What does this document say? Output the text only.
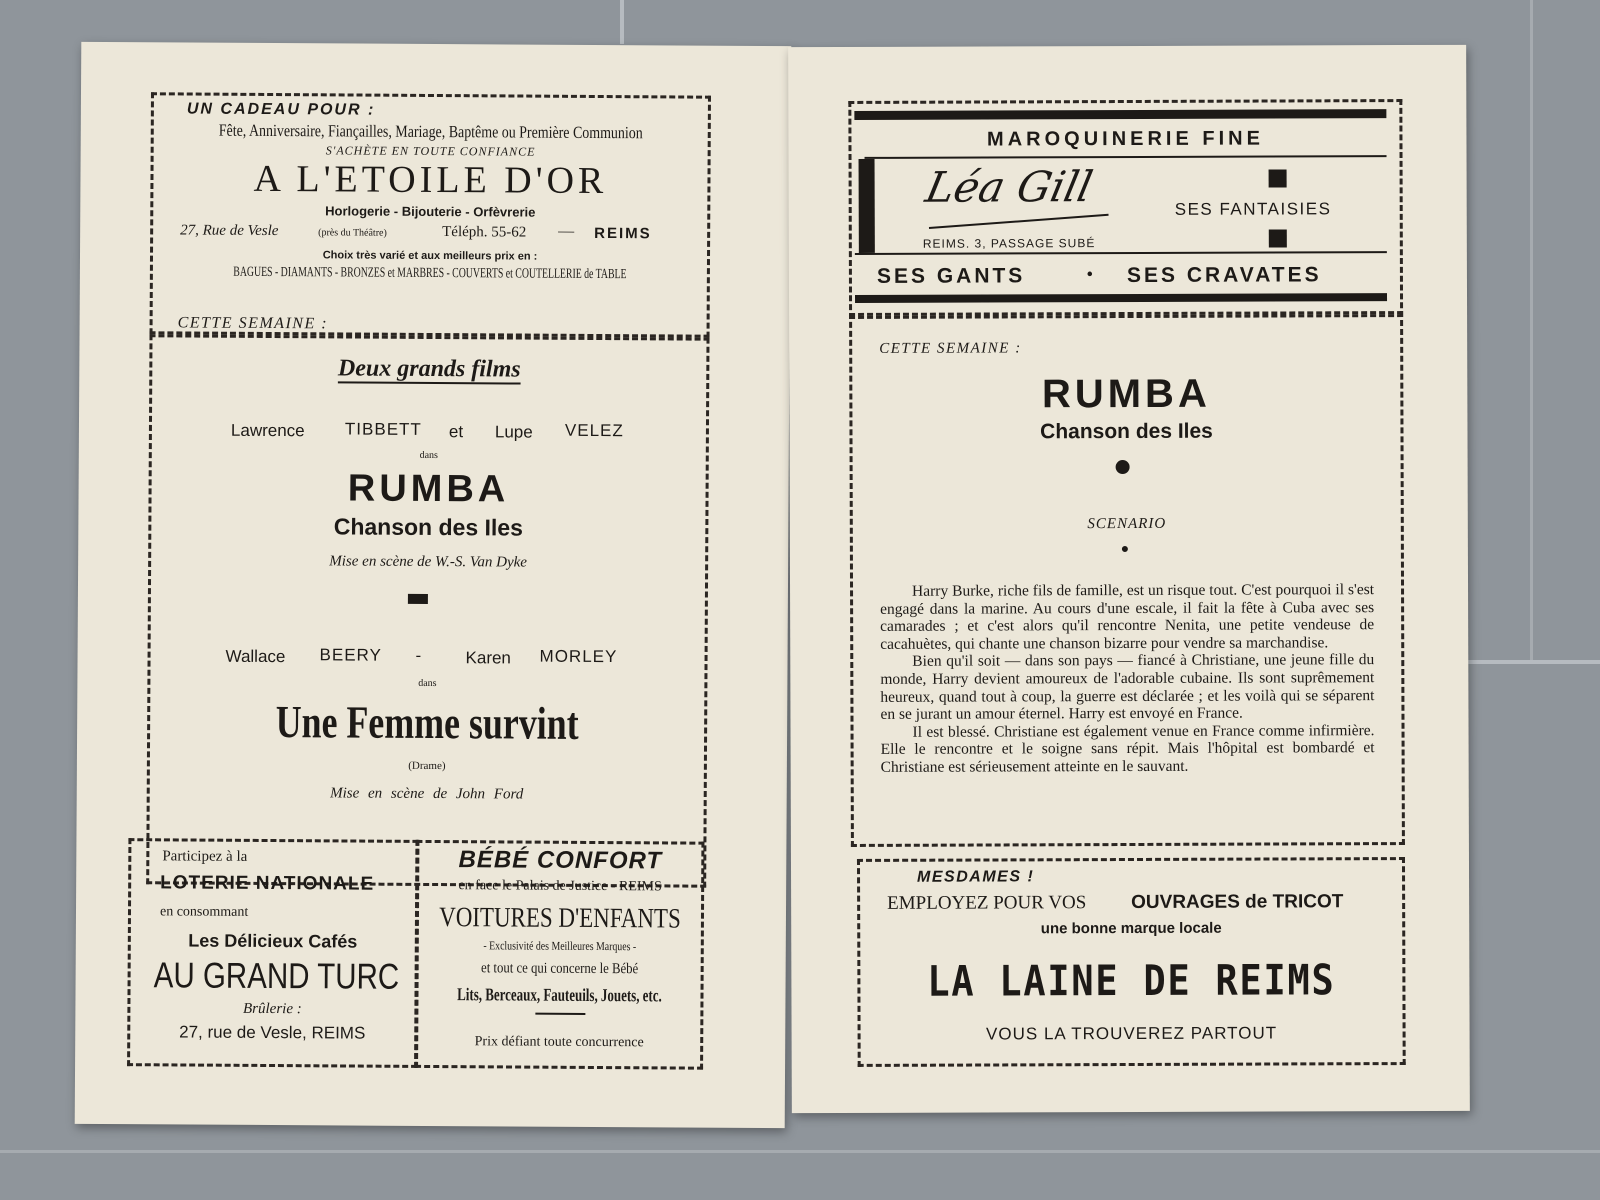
UN CADEAU POUR :
Fête, Anniversaire, Fiançailles, Mariage, Baptême ou Première Communion
S'ACHÈTE EN TOUTE CONFIANCE
A L'ETOILE D'OR
Horlogerie - Bijouterie - Orfèvrerie
27, Rue de Vesle	(près du Théâtre)	Téléph. 55-62 — REIMS
Choix très varié et aux meilleurs prix en :
BAGUES - DIAMANTS - BRONZES et MARBRES - COUVERTS et COUTELLERIE de TABLE
CETTE SEMAINE :
Deux grands films
Lawrence TIBBETT et Lupe VELEZ
dans
RUMBA
Chanson des Iles
Mise en scène de W.-S. Van Dyke
Wallace BEERY -	Karen MORLEY
dans
Une Femme survint
(Drame)
Mise en scène de John Ford
Participez à la
LOTERIE NATIONALE
en consommant
Les Délicieux Cafés
AU GRAND TURC
Brûlerie :
27, rue de Vesle, REIMS
BÉBÉ CONFORT
en face le Palais de Justice - REIMS
VOITURES D'ENFANTS
- Exclusivité des Meilleures Marques -
et tout ce qui concerne le Bébé
Lits, Berceaux, Fauteuils, Jouets, etc.
Prix défiant toute concurrence
MAROQUINERIE FINE
Léa Gill
REIMS. 3, PASSAGE SUBÉ
SES FANTAISIES
SES GANTS	• SES CRAVATES
CETTE SEMAINE :
RUMBA
Chanson des Iles
SCENARIO

Harry Burke, riche fils de famille, est un risque tout. C'est pourquoi il s'est engagé dans la marine. Au cours d'une escale, il fait la fête à Cuba avec ses camarades ; et c'est alors qu'il rencontre Nenita, une petite vendeuse de cacahuètes, qui chante une chanson bizarre pour vendre sa marchandise.

Bien qu'il soit — dans son pays — fiancé à Christiane, une jeune fille du monde, Harry devient amoureux de l'adorable cubaine. Ils sont suprêmement heureux, quand tout à coup, la guerre est déclarée ; et les voilà qui se séparent en se jurant un amour éternel. Harry est envoyé en France.

Il est blessé. Christiane est également venue en France comme infirmière. Elle le rencontre et le soigne sans répit. Mais l'hôpital est bombardé et Christiane est sérieusement atteinte en le sauvant.

MESDAMES !
EMPLOYEZ POUR VOS OUVRAGES de TRICOT
une bonne marque locale
LA LAINE DE REIMS
VOUS LA TROUVEREZ PARTOUT
